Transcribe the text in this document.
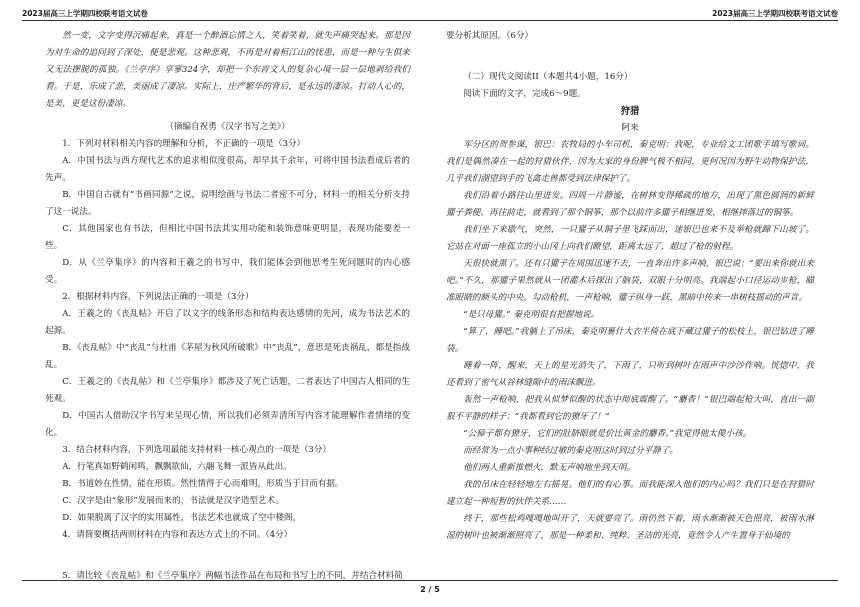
2023届高三上学期四校联考语文试卷	2023届高三上学期四校联考语文试卷

然一变，文字变得沉痛起来，真是一个醉酒忘情之人，笑着笑着，就失声痛哭起来。那是因为对生命的追问到了深处，便是悲观。这种悲观，不再是对着桓江山的忧患，而是一种与生俱来又无法摆脱的孤独。《兰亭序》享寥324字，却把一个东晋文人的复杂心境一层一层地剥给我们看。于是，乐成了悲，美丽成了凄凉。实际上，庄严繁华的背后，是永远的凄凉。打动人心的，是美，更是这份凄凉。

（摘编自祝勇《汉字书写之美》）

1．下列对材料相关内容的理解和分析，不正确的一项是（3分）

A．中国书法与西方现代艺术的追求相似度很高，却早其千余年，可将中国书法看成后者的先声。

B．中国自古就有“书画同源”之说，说明绘画与书法二者密不可分，材料一的相关分析支持了这一说法。

C．其他国家也有书法，但相比中国书法其实用功能和装饰意味更明显，表现功能要差一些。

D．从《兰亭集序》的内容和王羲之的书写中，我们能体会到他思考生死问题时的内心感受。

2．根据材料内容，下列说法正确的一项是（3分）

A．王羲之的《丧乱帖》开启了以文字的线条形态和结构表达感情的先河，成为书法艺术的起源。

B．《丧乱帖》中“丧乱”与杜甫《茅屋为秋风所破歌》中“丧乱”，意思是死丧祸乱，都是指战乱。

C．王羲之的《丧乱帖》和《兰亭集序》都涉及了死亡话题，二者表达了中国古人相同的生死观。

D．中国古人借助汉字书写来呈现心情，所以我们必须弄清所写内容才能理解作者情绪的变化。

3．结合材料内容，下列选项最能支持材料一核心观点的一项是（3分）

A．行笔真如野鹤闲鸣，飘飘欲仙，六翮飞舞一派皆从此出。

B．书道妙在性情，能在形质。然性情得于心而难明，形质当于目而有据。

C．汉字是由“象形”发展而来的，书法就是汉字造型艺术。

D．如果脱离了汉字的实用属性，书法艺术也就成了空中楼阁。

4．请简要概括两则材料在内容和表达方式上的不同。（4分）

5．请比较《丧乱帖》和《兰亭集序》两幅书法作品在布局和书写上的不同，并结合材料简

要分析其原因。（6分）

（二）现代文阅读II（本题共4小题，16分）

阅读下面的文字，完成6～9题。

狩猎

阿来

军分区的贺参谋，银巴：农牧局的小车司机，秦克明：我呢，专业给文工团歌手填写歌词。我们是偶然凑在一起的狩猎伙伴，因为大家的身份脾气极不相同，更何况因为野生动物保护法，几乎我们湖望到手的飞禽走兽都受到法律保护了。

我们沿着小路往山里进发。四周一片静谧，在树林变得稀疏的地方，出现了黑色圆润的新鲜獾子粪便。再往前走，就看到了那个铜筝，那个以前许多獾子相继进发，相继摔落过的铜筝。

我们坐下来歇气，突然，一只獾子从铜子里飞踩而出，迷银巴也来不及举枪就蹿下山坡了。它站在对面一座孤立的小山冈上向我们瞭望，距离太远了，超过了枪的射程。

天很快就黑了。还有只獾子在周围迅速不去，一直奔出许多声响，银巴说：“要出来你就出来吧。”不久，那獾子果然就从一团灌木后探出了脑袋，双眼十分明亮。我端起小口径运动步枪，瞄准眼睛的额头的中央。勾动枪机，一声枪响，獾子纵身一跃，黑暗中传来一串树枝摇动的声音。

“是只母獾。” 秦克明很有把握地说。

“算了，睡吧。”我躺上了吊床，秦克明裹什大衣半倚在底下藏过獾子的松枝上，银巴钻进了睡袋。

睡着一阵，醒来，天上的星光消失了，下雨了，只听到树叶在雨声中沙沙作响。恍惚中，我还看到了密气从谷林缝隙中的雨沫飘进。

轰然一声枪响，把我从似梦似醒的状态中彻底震醒了。“麝香！”银巴端起枪大叫，直出一副狠不平静的样子：“我都看到它的獠牙了！”

“公獐子都有獠牙，它们的肚脐眼就是价比黄金的麝香。”我觉得他太傻小孩。

而经常为一点小事种经过敏的秦克明这时到过分平静了。

他们两人重新推燃火，默无声响地坐到天明。

我的吊床在轻轻地左右摇晃。他们的有心事。而我能深入他们的内心吗？我们只是在狩猎时建立起一种短暂的伙伴关系……

终于，那些松鸡嘎嘎地叫开了，天就要亮了。雨仍然下着，雨水渐渐被天色照亮，被雨水淋湿的树叶也被渐渐照亮了，那是一种柔和、纯粹、圣洁的光亮，竟然令人产生置身于仙境的

2 / 5
